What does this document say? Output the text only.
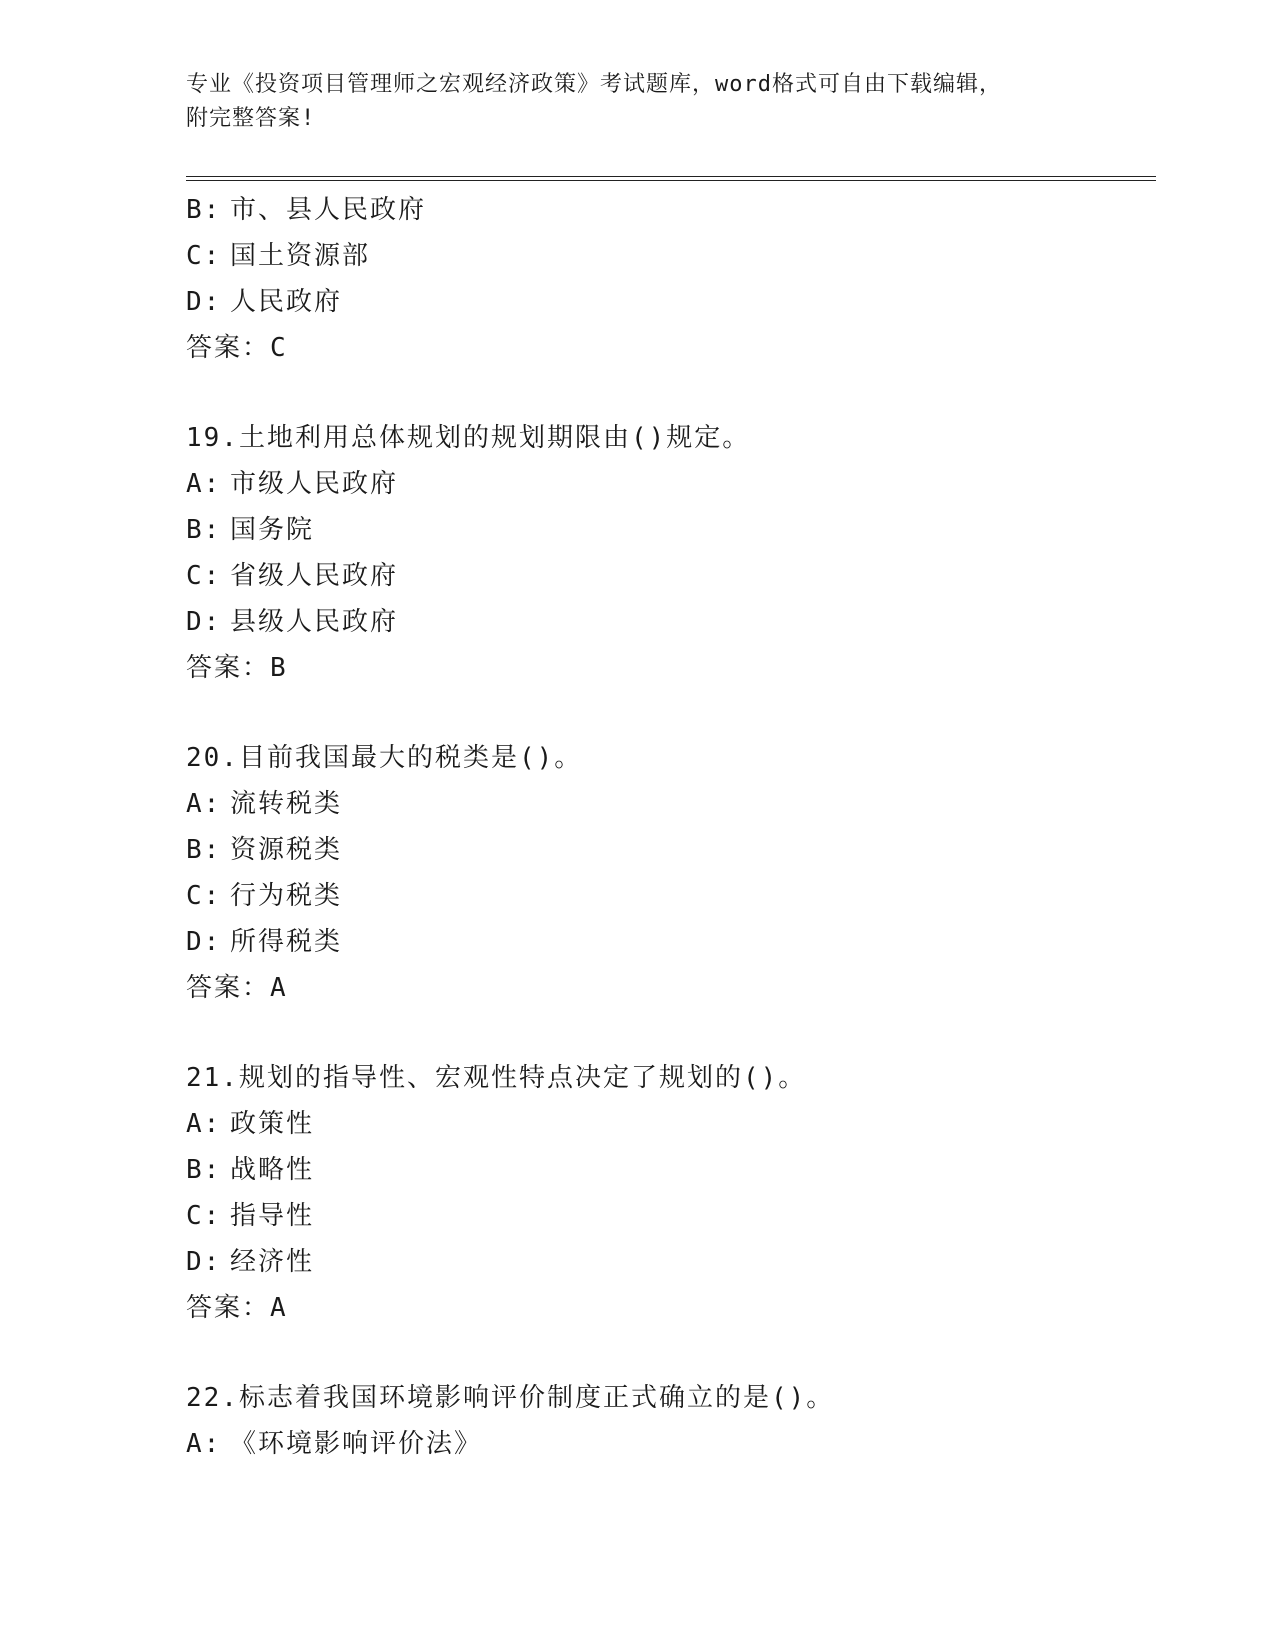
专业《投资项目管理师之宏观经济政策》考试题库，word格式可自由下载编辑，
附完整答案!

B: 市、县人民政府
C: 国土资源部
D: 人民政府
答案：C
19.土地利用总体规划的规划期限由()规定。
A: 市级人民政府
B: 国务院
C: 省级人民政府
D: 县级人民政府
答案：B
20.目前我国最大的税类是()。
A: 流转税类
B: 资源税类
C: 行为税类
D: 所得税类
答案：A
21.规划的指导性、宏观性特点决定了规划的()。
A: 政策性
B: 战略性
C: 指导性
D: 经济性
答案：A
22.标志着我国环境影响评价制度正式确立的是()。
A: 《环境影响评价法》
